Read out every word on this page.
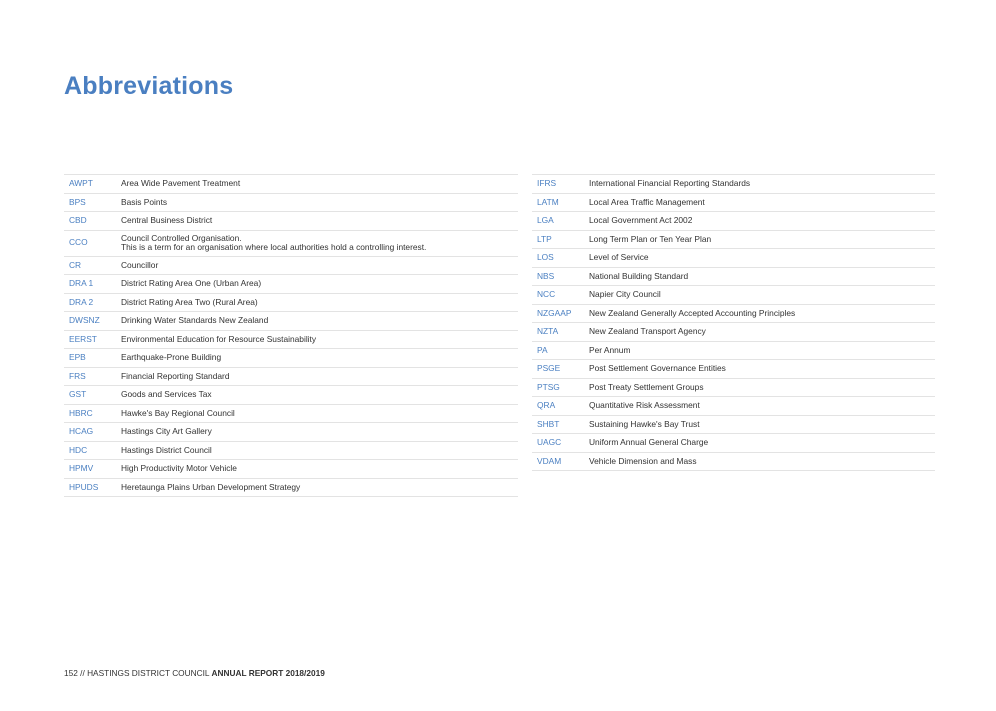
Abbreviations
AWPT	Area Wide Pavement Treatment
BPS	Basis Points
CBD	Central Business District
CCO	Council Controlled Organisation.
This is a term for an organisation where local authorities hold a controlling interest.
CR	Councillor
DRA 1	District Rating Area One (Urban Area)
DRA 2	District Rating Area Two (Rural Area)
DWSNZ	Drinking Water Standards New Zealand
EERST	Environmental Education for Resource Sustainability
EPB	Earthquake-Prone Building
FRS	Financial Reporting Standard
GST	Goods and Services Tax
HBRC	Hawke's Bay Regional Council
HCAG	Hastings City Art Gallery
HDC	Hastings District Council
HPMV	High Productivity Motor Vehicle
HPUDS	Heretaunga Plains Urban Development Strategy
IFRS	International Financial Reporting Standards
LATM	Local Area Traffic Management
LGA	Local Government Act 2002
LTP	Long Term Plan or Ten Year Plan
LOS	Level of Service
NBS	National Building Standard
NCC	Napier City Council
NZGAAP	New Zealand Generally Accepted Accounting Principles
NZTA	New Zealand Transport Agency
PA	Per Annum
PSGE	Post Settlement Governance Entities
PTSG	Post Treaty Settlement Groups
QRA	Quantitative Risk Assessment
SHBT	Sustaining Hawke's Bay Trust
UAGC	Uniform Annual General Charge
VDAM	Vehicle Dimension and Mass
152 // HASTINGS DISTRICT COUNCIL ANNUAL REPORT 2018/2019
